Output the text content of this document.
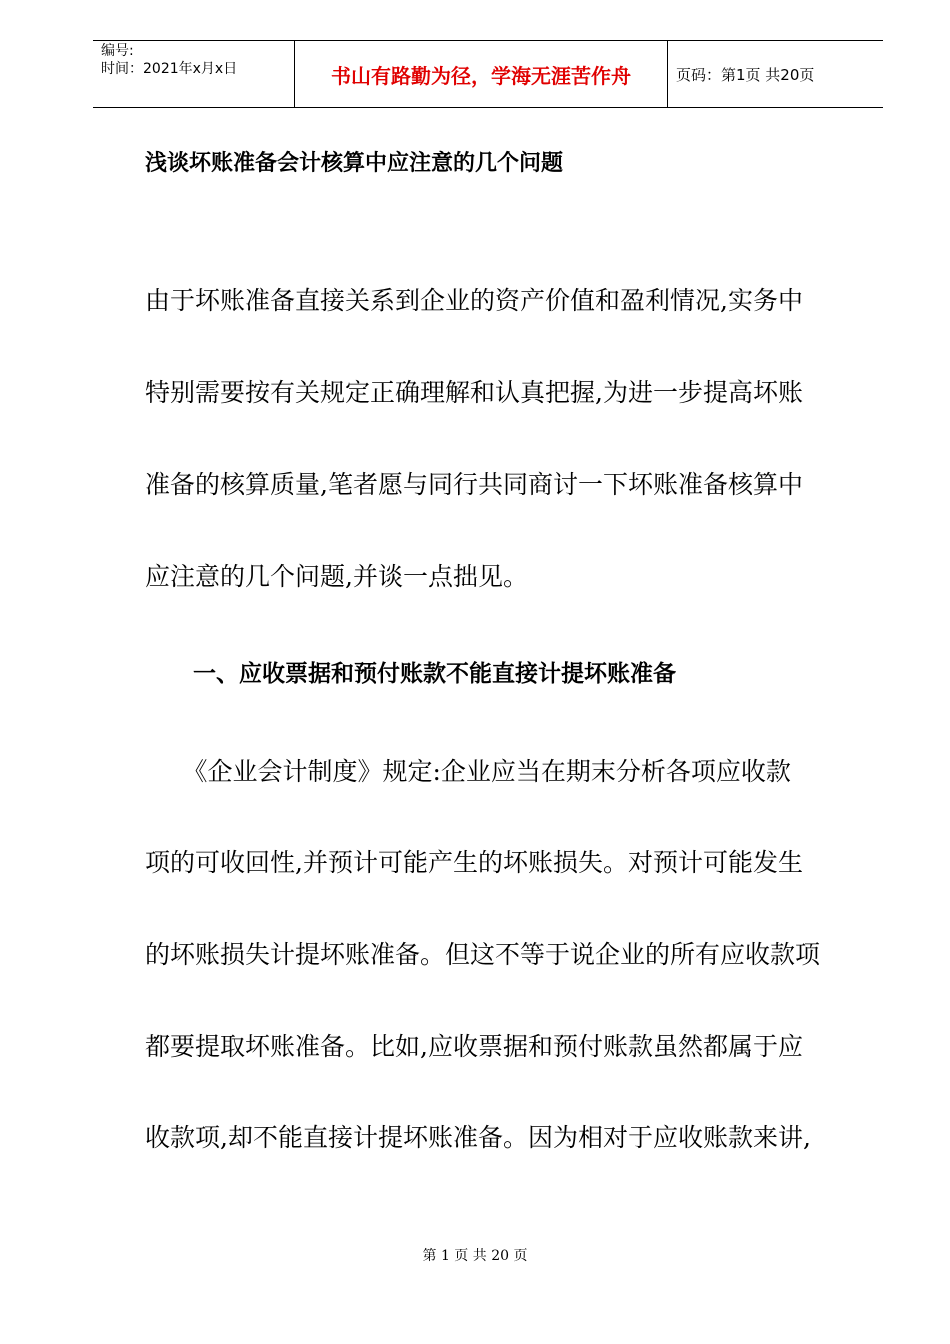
编号:
时间：2021年x月x日	书山有路勤为径，学海无涯苦作舟	页码：第1页 共20页
浅谈坏账准备会计核算中应注意的几个问题
由于坏账准备直接关系到企业的资产价值和盈利情况,实务中
特别需要按有关规定正确理解和认真把握,为进一步提高坏账
准备的核算质量,笔者愿与同行共同商讨一下坏账准备核算中
应注意的几个问题,并谈一点拙见。
一、应收票据和预付账款不能直接计提坏账准备
　　《企业会计制度》规定:企业应当在期末分析各项应收款
项的可收回性,并预计可能产生的坏账损失。对预计可能发生
的坏账损失计提坏账准备。但这不等于说企业的所有应收款项
都要提取坏账准备。比如,应收票据和预付账款虽然都属于应
收款项,却不能直接计提坏账准备。因为相对于应收账款来讲,
第 1 页 共 20 页
